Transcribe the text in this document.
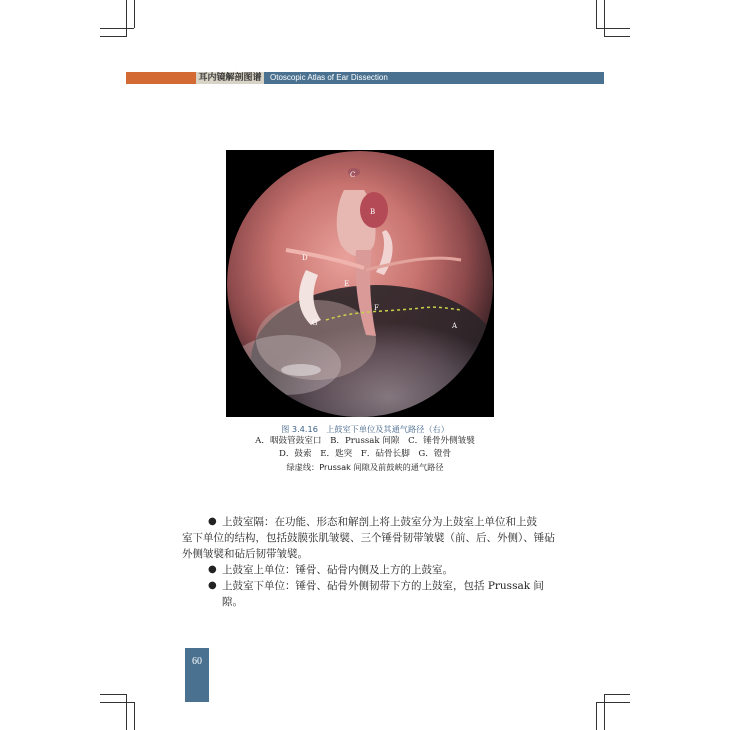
耳内镜解剖图谱	Otoscopic Atlas of Ear Dissection
C
B
D
E
F
G	A
图 3.4.16　上鼓室下单位及其通气路径（右）
A．咽鼓管鼓室口　B．Prussak 间隙　C．锤骨外侧皱襞
D．鼓索　E．匙突　F．砧骨长脚　G．镫骨
绿虚线：Prussak 间隙及前鼓峡的通气路径
● 上鼓室隔：在功能、形态和解剖上将上鼓室分为上鼓室上单位和上鼓
室下单位的结构，包括鼓膜张肌皱襞、三个锤骨韧带皱襞（前、后、外侧）、锤砧
外侧皱襞和砧后韧带皱襞。
● 上鼓室上单位：锤骨、砧骨内侧及上方的上鼓室。
● 上鼓室下单位：锤骨、砧骨外侧韧带下方的上鼓室，包括 Prussak 间隙。
60
